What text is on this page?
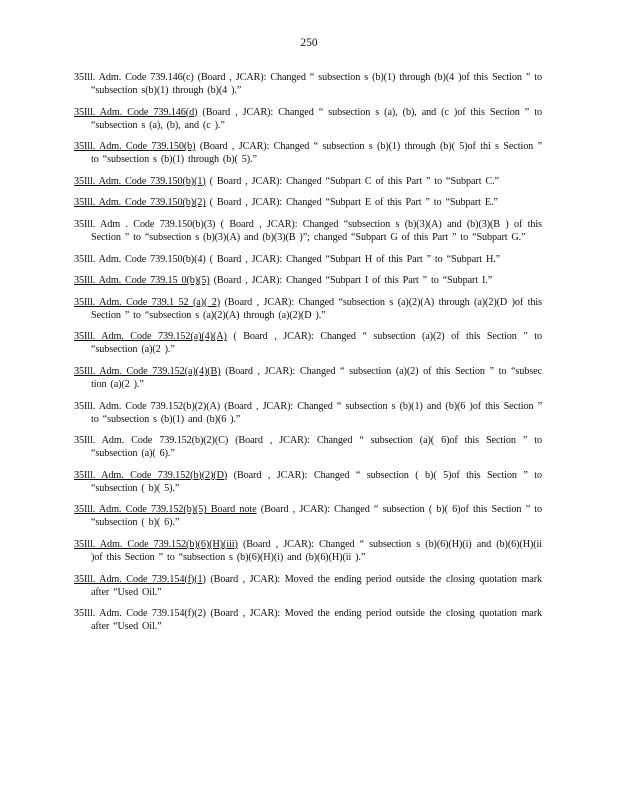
250

35Ill. Adm. Code 739.146(c) (Board , JCAR): Changed “ subsection s (b)(1) through (b)(4 )of this Section ” to “subsection s(b)(1) through (b)(4 ).”

35Ill. Adm. Code 739.146(d) (Board , JCAR): Changed “ subsection s (a), (b), and (c )of this Section ” to “subsection s (a), (b), and (c ).”

35Ill. Adm. Code 739.150(b) (Board , JCAR): Changed “ subsection s (b)(1) through (b)( 5)of thi s Section ” to “subsection s (b)(1) through (b)( 5).”

35Ill. Adm. Code 739.150(b)(1) ( Board , JCAR): Changed “Subpart C of this Part ” to “Subpart C.”

35Ill. Adm. Code 739.150(b)(2) ( Board , JCAR): Changed “Subpart E of this Part ” to “Subpart E.”

35Ill. Adm . Code 739.150(b)(3) ( Board , JCAR): Changed “subsection s (b)(3)(A) and (b)(3)(B ) of this Section ” to “subsection s (b)(3)(A) and (b)(3)(B )”; changed “Subpart G of this Part ” to “Subpart G.”

35Ill. Adm. Code 739.150(b)(4) ( Board , JCAR): Changed “Subpart H of this Part ” to “Subpart H.”

35Ill. Adm. Code 739.15 0(b)(5) (Board , JCAR): Changed “Subpart I of this Part ” to “Subpart I.”

35Ill. Adm. Code 739.1 52 (a)( 2) (Board , JCAR): Changed “subsection s (a)(2)(A) through (a)(2)(D )of this Section ” to “subsection s (a)(2)(A) through (a)(2)(D ).”

35Ill. Adm. Code 739.152(a)(4)(A) ( Board , JCAR): Changed “ subsection (a)(2) of this Section ” to “subsection (a)(2 ).”

35Ill. Adm. Code 739.152(a)(4)(B) (Board , JCAR): Changed “ subsection (a)(2) of this Section ” to “subsec tion (a)(2 ).”

35Ill. Adm. Code 739.152(b)(2)(A) (Board , JCAR): Changed “ subsection s (b)(1) and (b)(6 )of this Section ” to “subsection s (b)(1) and (b)(6 ).”

35Ill. Adm. Code 739.152(b)(2)(C) (Board , JCAR): Changed “ subsection (a)( 6)of this Section ” to “subsection (a)( 6).”

35Ill. Adm. Code 739.152(b)(2)(D) (Board , JCAR): Changed “ subsection ( b)( 5)of this Section ” to “subsection ( b)( 5).”

35Ill. Adm. Code 739.152(b)(5) Board note (Board , JCAR): Changed “ subsection ( b)( 6)of this Section ” to “subsection ( b)( 6).”

35Ill. Adm. Code 739.152(b)(6)(H)(iii) (Board , JCAR): Changed “ subsection s (b)(6)(H)(i) and (b)(6)(H)(ii )of this Section ” to “subsection s (b)(6)(H)(i) and (b)(6)(H)(ii ).”

35Ill. Adm. Code 739.154(f)(1) (Board , JCAR): Moved the ending period outside the closing quotation mark after “Used Oil.”

35Ill. Adm. Code 739.154(f)(2) (Board , JCAR): Moved the ending period outside the closing quotation mark after “Used Oil.”
